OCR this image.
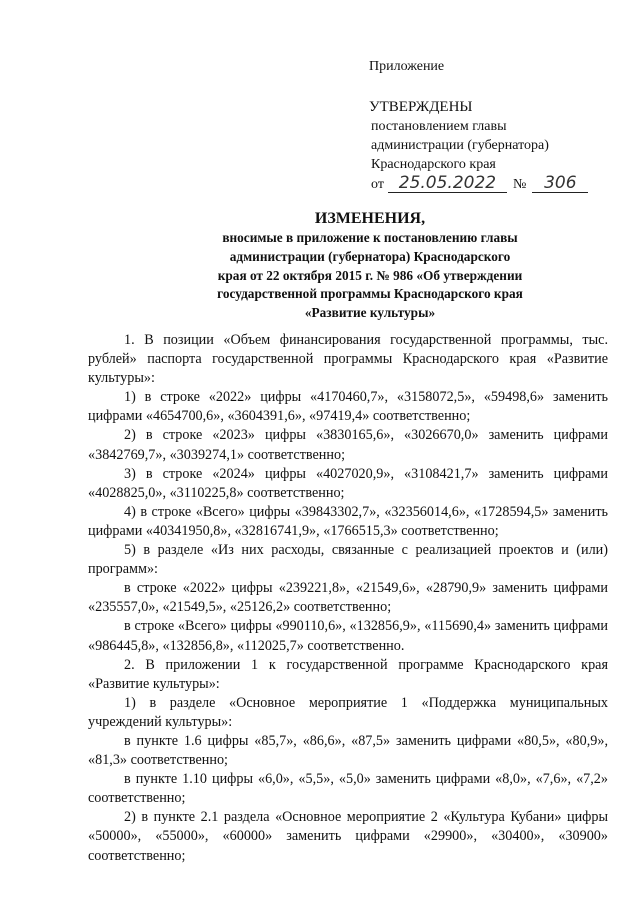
Приложение
УТВЕРЖДЕНЫ
постановлением главы
администрации (губернатора)
Краснодарского края
от 25.05.2022	№	306
ИЗМЕНЕНИЯ,
вносимые в приложение к постановлению главы
администрации (губернатора) Краснодарского
края от 22 октября 2015 г. № 986 «Об утверждении
государственной программы Краснодарского края
«Развитие культуры»

1. В позиции «Объем финансирования государственной программы, тыс. рублей» паспорта государственной программы Краснодарского края «Развитие культуры»:

1) в строке «2022» цифры «4170460,7», «3158072,5», «59498,6» заменить цифрами «4654700,6», «3604391,6», «97419,4» соответственно;

2) в строке «2023» цифры «3830165,6», «3026670,0» заменить цифрами «3842769,7», «3039274,1» соответственно;

3) в строке «2024» цифры «4027020,9», «3108421,7» заменить цифрами «4028825,0», «3110225,8» соответственно;

4) в строке «Всего» цифры «39843302,7», «32356014,6», «1728594,5» заменить цифрами «40341950,8», «32816741,9», «1766515,3» соответственно;

5) в разделе «Из них расходы, связанные с реализацией проектов и (или) программ»:

в строке «2022» цифры «239221,8», «21549,6», «28790,9» заменить цифрами «235557,0», «21549,5», «25126,2» соответственно;

в строке «Всего» цифры «990110,6», «132856,9», «115690,4» заменить цифрами «986445,8», «132856,8», «112025,7» соответственно.

2. В приложении 1 к государственной программе Краснодарского края «Развитие культуры»:

1) в разделе «Основное мероприятие 1 «Поддержка муниципальных учреждений культуры»:

в пункте 1.6 цифры «85,7», «86,6», «87,5» заменить цифрами «80,5», «80,9», «81,3» соответственно;

в пункте 1.10 цифры «6,0», «5,5», «5,0» заменить цифрами «8,0», «7,6», «7,2» соответственно;

2) в пункте 2.1 раздела «Основное мероприятие 2 «Культура Кубани» цифры «50000», «55000», «60000» заменить цифрами «29900», «30400», «30900» соответственно;
